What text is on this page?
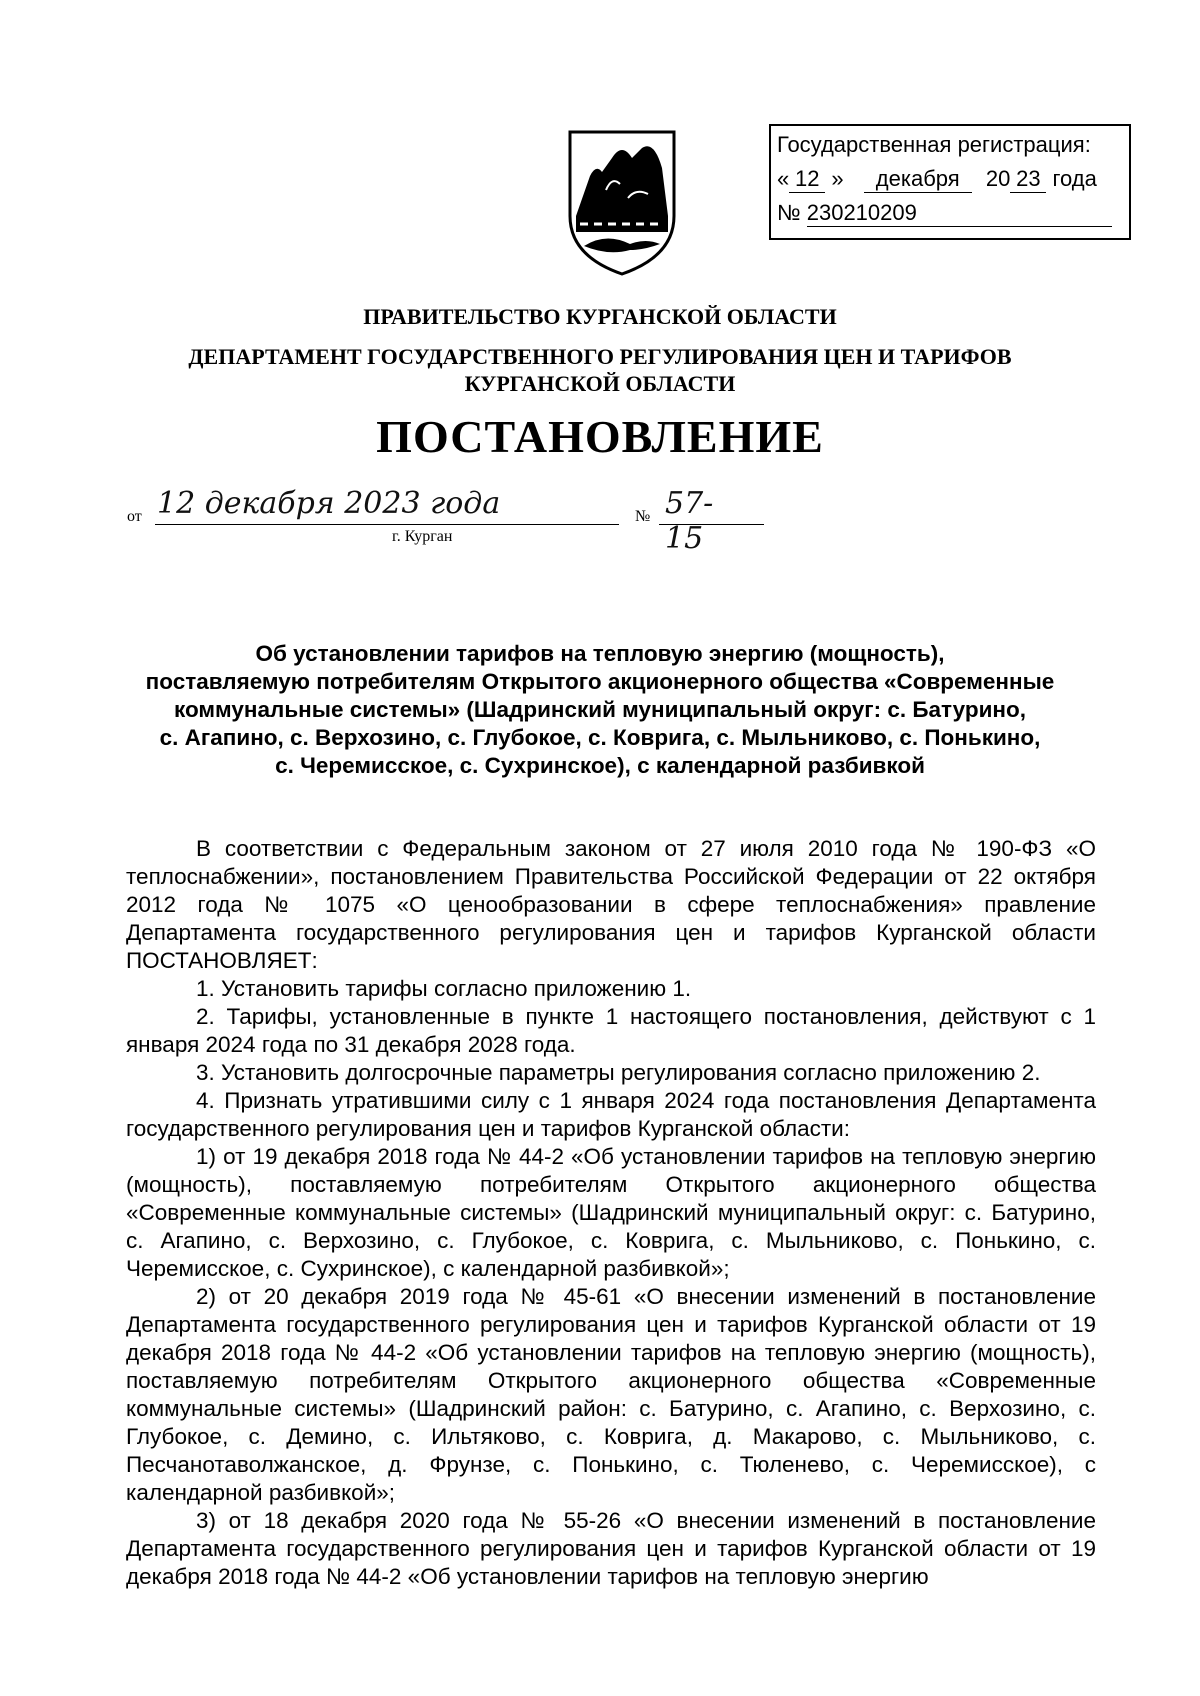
Государственная регистрация:
« 12 » декабря 20 23 года
№ 230210209
ПРАВИТЕЛЬСТВО КУРГАНСКОЙ ОБЛАСТИ
ДЕПАРТАМЕНТ ГОСУДАРСТВЕННОГО РЕГУЛИРОВАНИЯ ЦЕН И ТАРИФОВ
КУРГАНСКОЙ ОБЛАСТИ
ПОСТАНОВЛЕНИЕ
от 12 декабря 2023 года	№ 57-15
г. Курган
Об установлении тарифов на тепловую энергию (мощность),
поставляемую потребителям Открытого акционерного общества «Современные
коммунальные системы» (Шадринский муниципальный округ: с. Батурино,
с. Агапино, с. Верхозино, с. Глубокое, с. Коврига, с. Мыльниково, с. Понькино,
с. Черемисское, с. Сухринское), с календарной разбивкой

В соответствии с Федеральным законом от 27 июля 2010 года № 190-ФЗ «О теплоснабжении», постановлением Правительства Российской Федерации от 22 октября 2012 года № 1075 «О ценообразовании в сфере теплоснабжения» правление Департамента государственного регулирования цен и тарифов Курганской области ПОСТАНОВЛЯЕТ:

1. Установить тарифы согласно приложению 1.

2. Тарифы, установленные в пункте 1 настоящего постановления, действуют с 1 января 2024 года по 31 декабря 2028 года.

3. Установить долгосрочные параметры регулирования согласно приложению 2.

4. Признать утратившими силу с 1 января 2024 года постановления Департамента государственного регулирования цен и тарифов Курганской области:

1) от 19 декабря 2018 года № 44-2 «Об установлении тарифов на тепловую энергию (мощность), поставляемую потребителям Открытого акционерного общества «Современные коммунальные системы» (Шадринский муниципальный округ: с. Батурино, с. Агапино, с. Верхозино, с. Глубокое, с. Коврига, с. Мыльниково, с. Понькино, с. Черемисское, с. Сухринское), с календарной разбивкой»;

2) от 20 декабря 2019 года № 45-61 «О внесении изменений в постановление Департамента государственного регулирования цен и тарифов Курганской области от 19 декабря 2018 года № 44-2 «Об установлении тарифов на тепловую энергию (мощность), поставляемую потребителям Открытого акционерного общества «Современные коммунальные системы» (Шадринский район: с. Батурино, с. Агапино, с. Верхозино, с. Глубокое, с. Демино, с. Ильтяково, с. Коврига, д. Макарово, с. Мыльниково, с. Песчанотаволжанское, д. Фрунзе, с. Понькино, с. Тюленево, с. Черемисское), с календарной разбивкой»;

3) от 18 декабря 2020 года № 55-26 «О внесении изменений в постановление Департамента государственного регулирования цен и тарифов Курганской области от 19 декабря 2018 года № 44-2 «Об установлении тарифов на тепловую энергию
